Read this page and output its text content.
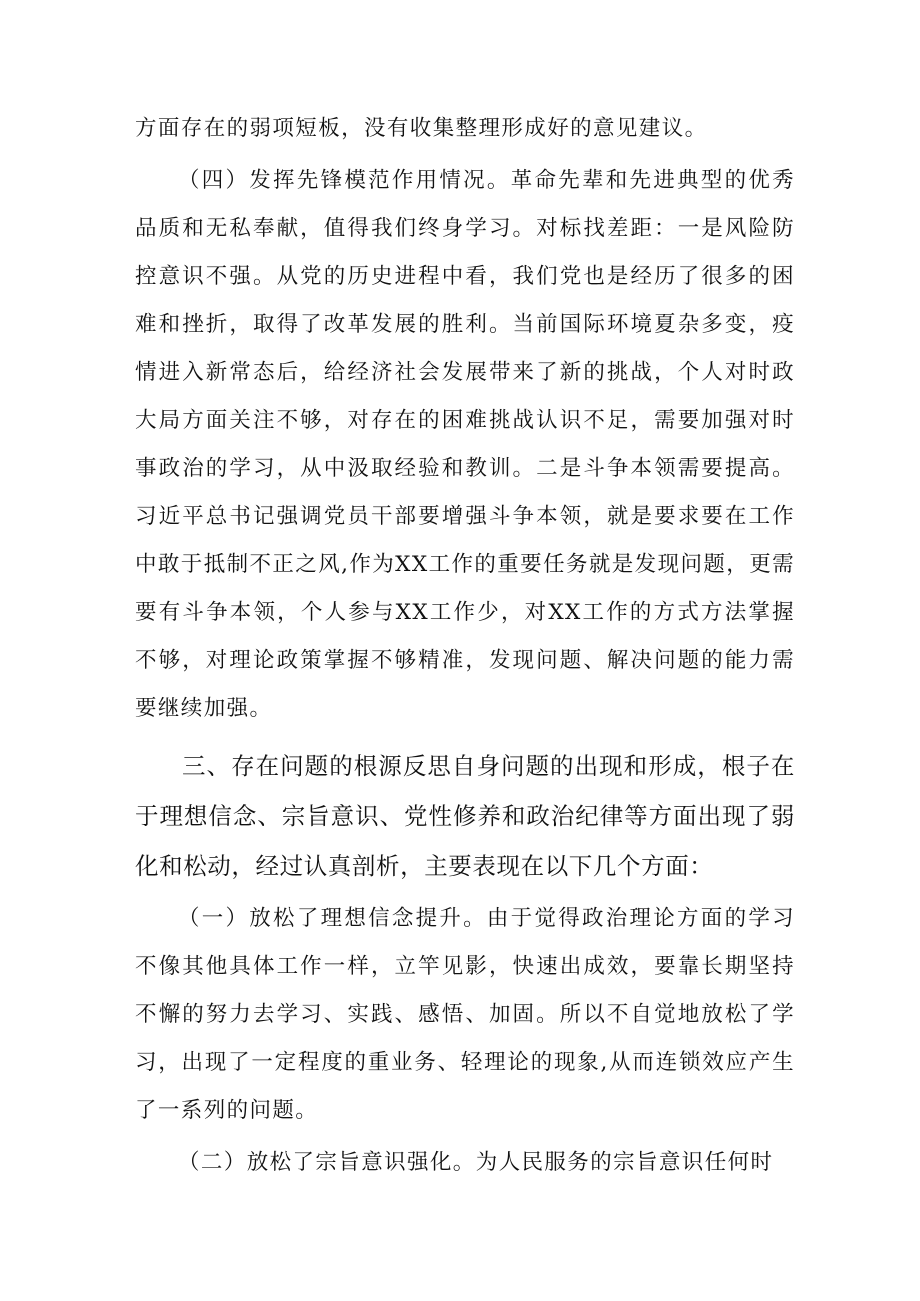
方面存在的弱项短板，没有收集整理形成好的意见建议。

（四）发挥先锋模范作用情况。革命先辈和先进典型的优秀品质和无私奉献，值得我们终身学习。对标找差距：一是风险防控意识不强。从党的历史进程中看，我们党也是经历了很多的困难和挫折，取得了改革发展的胜利。当前国际环境夏杂多变，疫情进入新常态后，给经济社会发展带来了新的挑战，个人对时政大局方面关注不够，对存在的困难挑战认识不足，需要加强对时事政治的学习，从中汲取经验和教训。二是斗争本领需要提高。习近平总书记强调党员干部要增强斗争本领，就是要求要在工作中敢于抵制不正之风,作为XX工作的重要任务就是发现问题，更需要有斗争本领，个人参与XX工作少，对XX工作的方式方法掌握不够，对理论政策掌握不够精准，发现问题、解决问题的能力需要继续加强。

三、存在问题的根源反思自身问题的出现和形成，根子在于理想信念、宗旨意识、党性修养和政治纪律等方面出现了弱化和松动，经过认真剖析，主要表现在以下几个方面：

（一）放松了理想信念提升。由于觉得政治理论方面的学习不像其他具体工作一样，立竿见影，快速出成效，要靠长期坚持不懈的努力去学习、实践、感悟、加固。所以不自觉地放松了学习，出现了一定程度的重业务、轻理论的现象,从而连锁效应产生了一系列的问题。

（二）放松了宗旨意识强化。为人民服务的宗旨意识任何时
